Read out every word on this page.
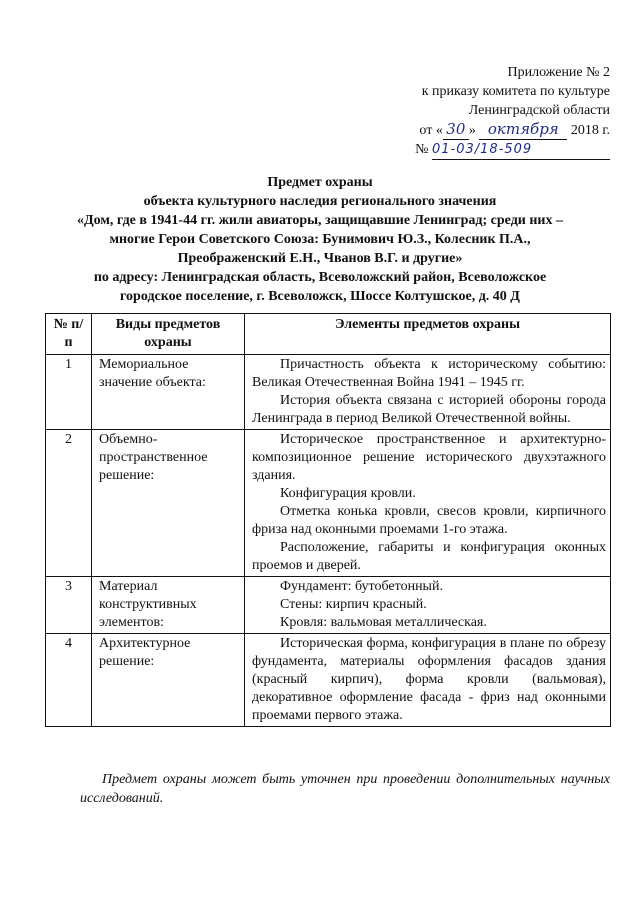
Приложение № 2
к приказу комитета по культуре
Ленинградской области
от « 30 » октября 2018 г.
№ 01-03/18-509
Предмет охраны
объекта культурного наследия регионального значения
«Дом, где в 1941-44 гг. жили авиаторы, защищавшие Ленинград; среди них –
многие Герои Советского Союза: Бунимович Ю.З., Колесник П.А.,
Преображенский Е.Н., Чванов В.Г. и другие»
по адресу: Ленинградская область, Всеволожский район, Всеволожское
городское поселение, г. Всеволожск, Шоссе Колтушское, д. 40 Д
№ п/п	Виды предметов охраны	Элементы предметов охраны
1	Мемориальное значение объекта:	Причастность объекта к историческому событию: Великая Отечественная Война 1941 – 1945 гг.

История объекта связана с историей обороны города Ленинграда в период Великой Отечественной войны.

2	Объемно-пространственное решение:	Историческое пространственное и архитектурно-композиционное решение исторического двухэтажного здания.

Конфигурация кровли.

Отметка конька кровли, свесов кровли, кирпичного фриза над оконными проемами 1-го этажа.

Расположение, габариты и конфигурация оконных проемов и дверей.

3	Материал конструктивных элементов:	Фундамент: бутобетонный.

Стены: кирпич красный.

Кровля: вальмовая металлическая.

4	Архитектурное решение:	Историческая форма, конфигурация в плане по обрезу фундамента, материалы оформления фасадов здания (красный кирпич), форма кровли (вальмовая), декоративное оформление фасада - фриз над оконными проемами первого этажа.

Предмет охраны может быть уточнен при проведении дополнительных научных исследований.
